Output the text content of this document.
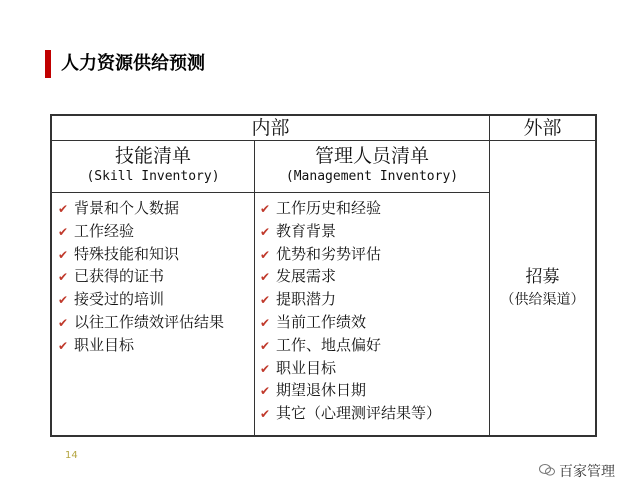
人力资源供给预测
内部	外部
技能清单
(Skill Inventory)
管理人员清单
(Management Inventory)
✔ 背景和个人数据
✔ 工作经验
✔ 特殊技能和知识
✔ 已获得的证书
✔ 接受过的培训
✔ 以往工作绩效评估结果
✔ 职业目标
✔ 工作历史和经验
✔ 教育背景
✔ 优势和劣势评估
✔ 发展需求
✔ 提职潜力
✔ 当前工作绩效
✔ 工作、地点偏好
✔ 职业目标
✔ 期望退休日期
✔ 其它（心理测评结果等）
招募
（供给渠道）
14
百家管理
